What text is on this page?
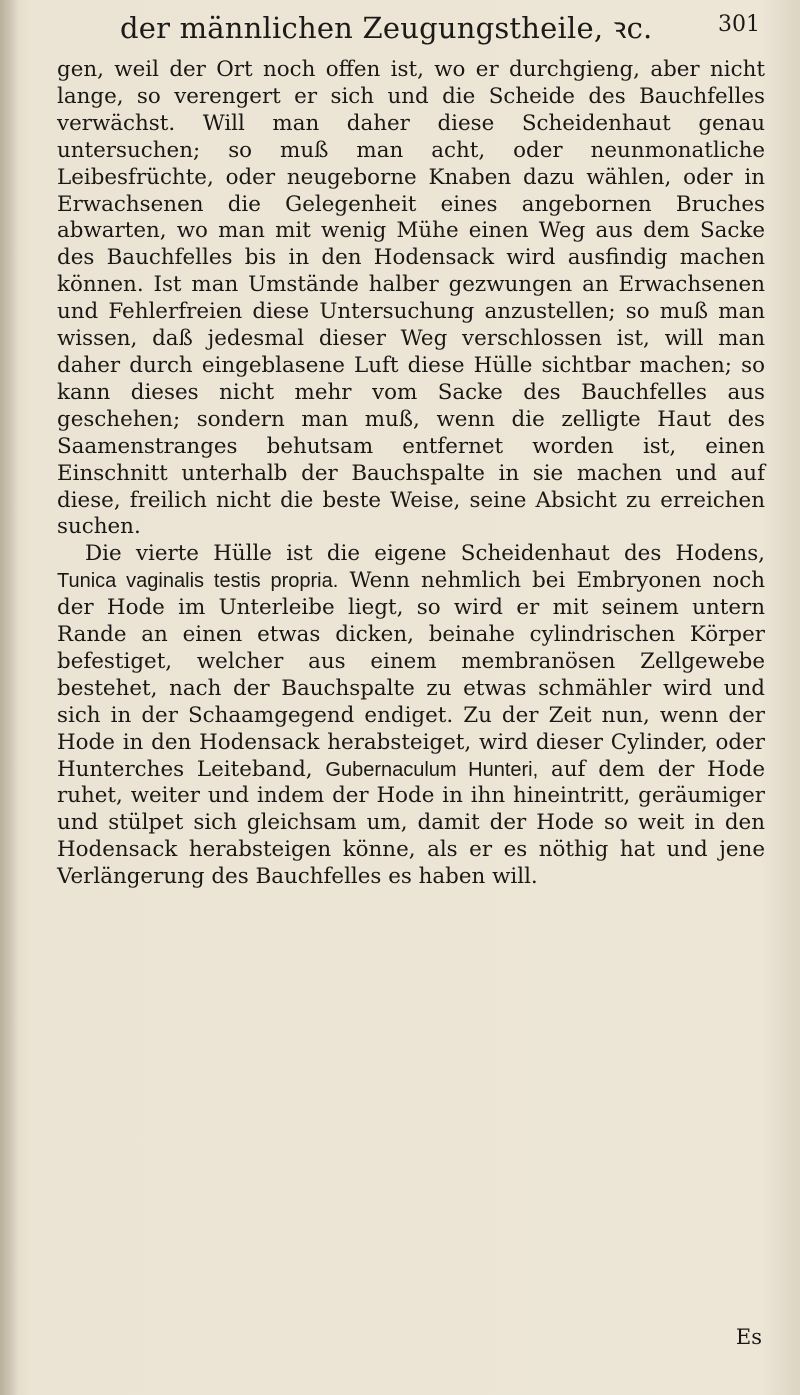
der männlichen Zeugungstheile, ꝛc.	301

gen, weil der Ort noch offen ist, wo er durchgieng, aber nicht lange, so verengert er sich und die Scheide des Bauchfelles verwächst. Will man daher diese Scheidenhaut genau untersuchen; so muß man acht, oder neunmonatliche Leibesfrüchte, oder neugeborne Knaben dazu wählen, oder in Erwachsenen die Gelegenheit eines angebornen Bruches abwarten, wo man mit wenig Mühe einen Weg aus dem Sacke des Bauchfelles bis in den Hodensack wird ausfindig machen können. Ist man Umstände halber gezwungen an Erwachsenen und Fehlerfreien diese Untersuchung anzustellen; so muß man wissen, daß jedesmal dieser Weg verschlossen ist, will man daher durch eingeblasene Luft diese Hülle sichtbar machen; so kann dieses nicht mehr vom Sacke des Bauchfelles aus geschehen; sondern man muß, wenn die zelligte Haut des Saamenstranges behutsam entfernet worden ist, einen Einschnitt unterhalb der Bauchspalte in sie machen und auf diese, freilich nicht die beste Weise, seine Absicht zu erreichen suchen.

Die vierte Hülle ist die eigene Scheidenhaut des Hodens, Tunica vaginalis testis propria. Wenn nehmlich bei Embryonen noch der Hode im Unterleibe liegt, so wird er mit seinem untern Rande an einen etwas dicken, beinahe cylindrischen Körper befestiget, welcher aus einem membranösen Zellgewebe bestehet, nach der Bauchspalte zu etwas schmähler wird und sich in der Schaamgegend endiget. Zu der Zeit nun, wenn der Hode in den Hodensack herabsteiget, wird dieser Cylinder, oder Hunterches Leiteband, Gubernaculum Hunteri, auf dem der Hode ruhet, weiter und indem der Hode in ihn hineintritt, geräumiger und stülpet sich gleichsam um, damit der Hode so weit in den Hodensack herabsteigen könne, als er es nöthig hat und jene Verlängerung des Bauchfelles es haben will.

Es
